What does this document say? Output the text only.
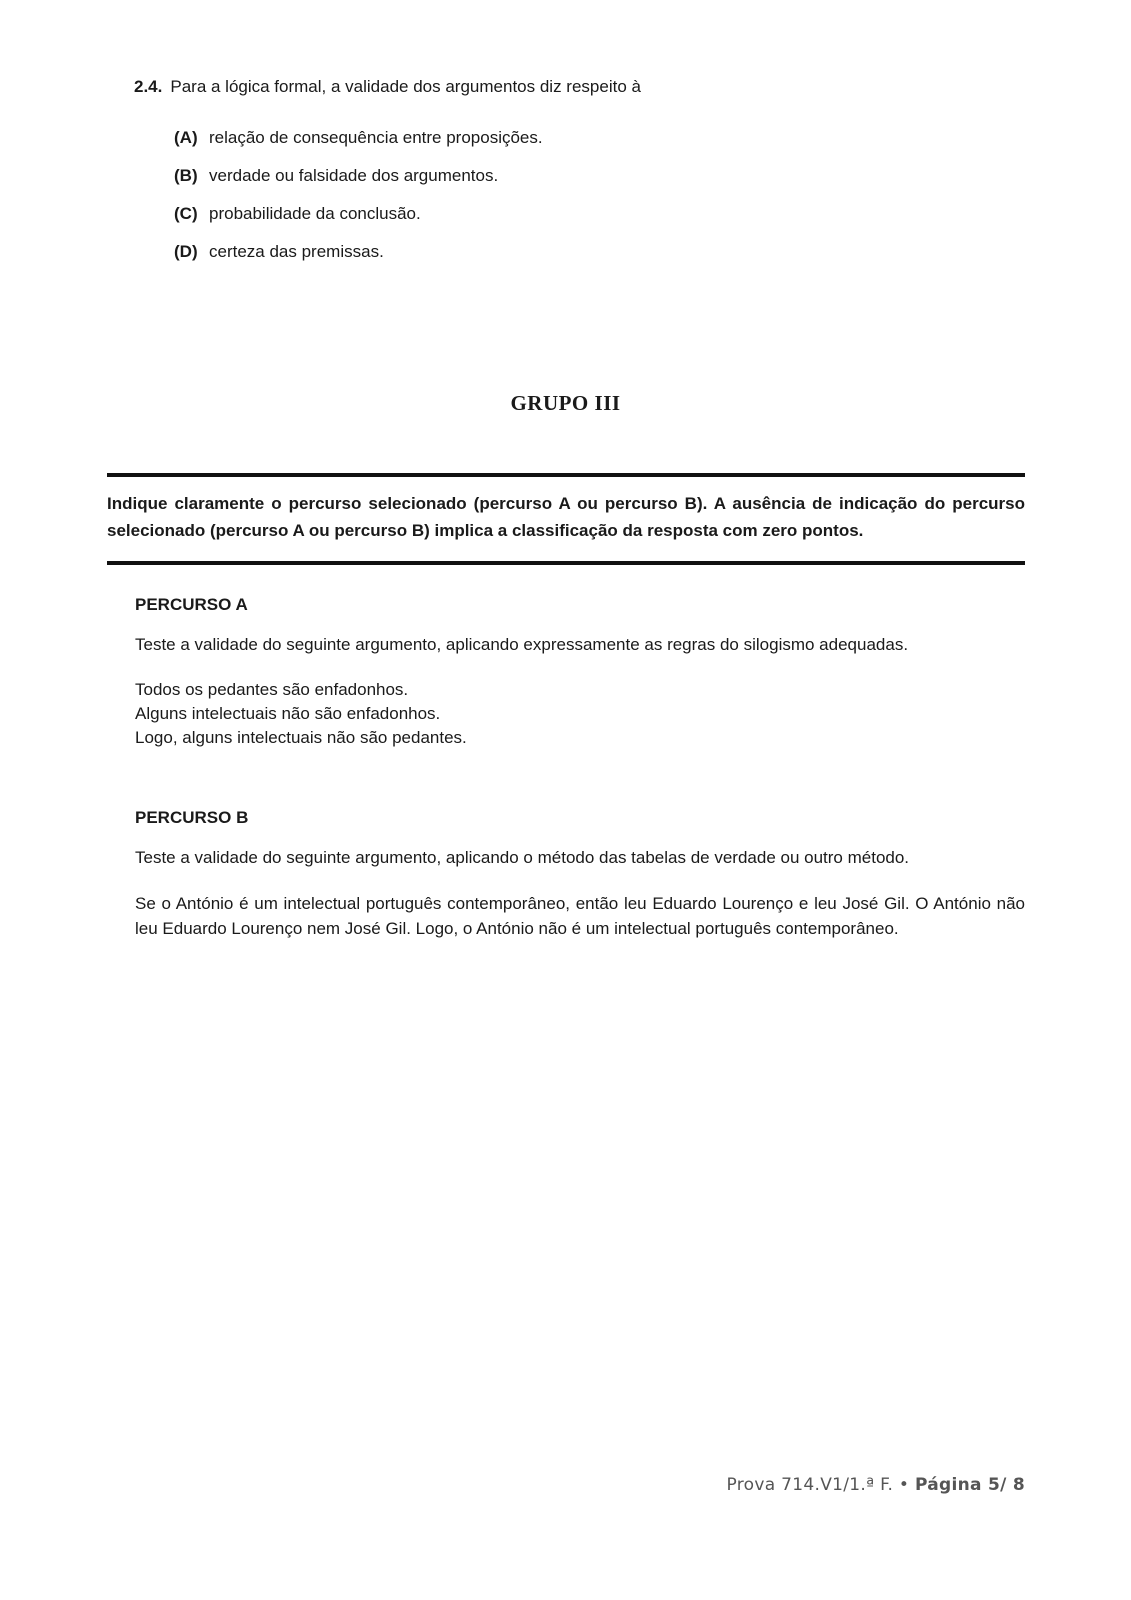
2.4. Para a lógica formal, a validade dos argumentos diz respeito à
(A) relação de consequência entre proposições.
(B) verdade ou falsidade dos argumentos.
(C) probabilidade da conclusão.
(D) certeza das premissas.
GRUPO III
Indique claramente o percurso selecionado (percurso A ou percurso B). A ausência de indicação do percurso selecionado (percurso A ou percurso B) implica a classificação da resposta com zero pontos.
PERCURSO A
Teste a validade do seguinte argumento, aplicando expressamente as regras do silogismo adequadas.
Todos os pedantes são enfadonhos.
Alguns intelectuais não são enfadonhos.
Logo, alguns intelectuais não são pedantes.
PERCURSO B
Teste a validade do seguinte argumento, aplicando o método das tabelas de verdade ou outro método.
Se o António é um intelectual português contemporâneo, então leu Eduardo Lourenço e leu José Gil. O António não leu Eduardo Lourenço nem José Gil. Logo, o António não é um intelectual português contemporâneo.
Prova 714.V1/1.ª F. • Página 5/ 8
